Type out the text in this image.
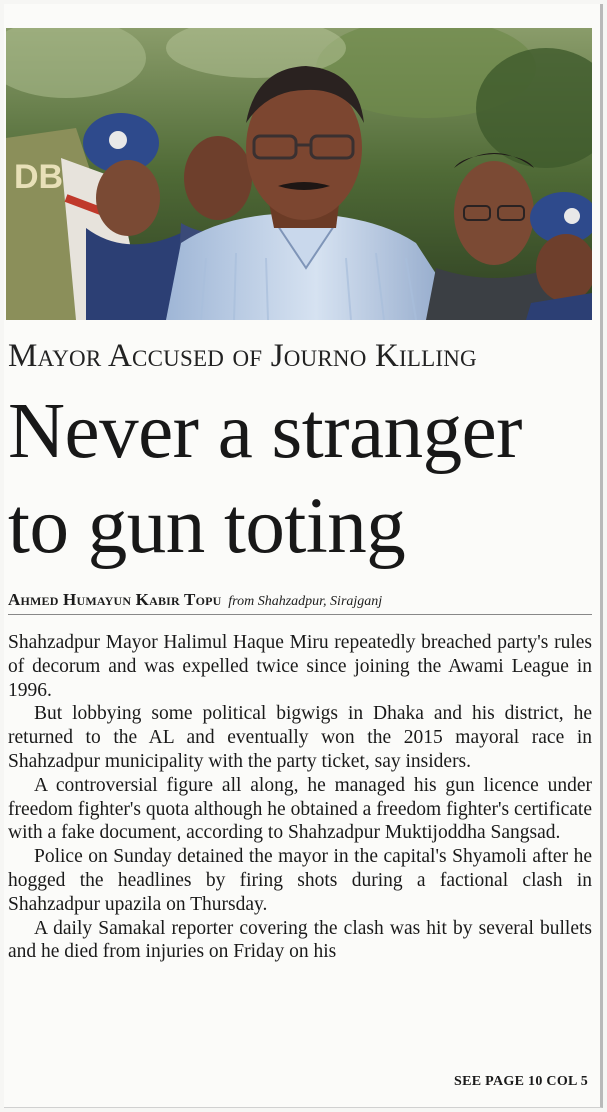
DB
Mayor Accused of Journo Killing
Never a stranger to gun toting
Ahmed Humayun Kabir Topu from Shahzadpur, Sirajganj

Shahzadpur Mayor Halimul Haque Miru repeatedly breached party's rules of decorum and was expelled twice since joining the Awami League in 1996.

But lobbying some political bigwigs in Dhaka and his district, he returned to the AL and eventually won the 2015 mayoral race in Shahzadpur municipality with the party ticket, say insiders.

A controversial figure all along, he managed his gun licence under freedom fighter's quota although he obtained a freedom fighter's certificate with a fake document, according to Shahzadpur Muktijoddha Sangsad.

Police on Sunday detained the mayor in the capital's Shyamoli after he hogged the headlines by firing shots during a factional clash in Shahzadpur upazila on Thursday.

A daily Samakal reporter covering the clash was hit by several bullets and he died from injuries on Friday on his

SEE PAGE 10 COL 5
